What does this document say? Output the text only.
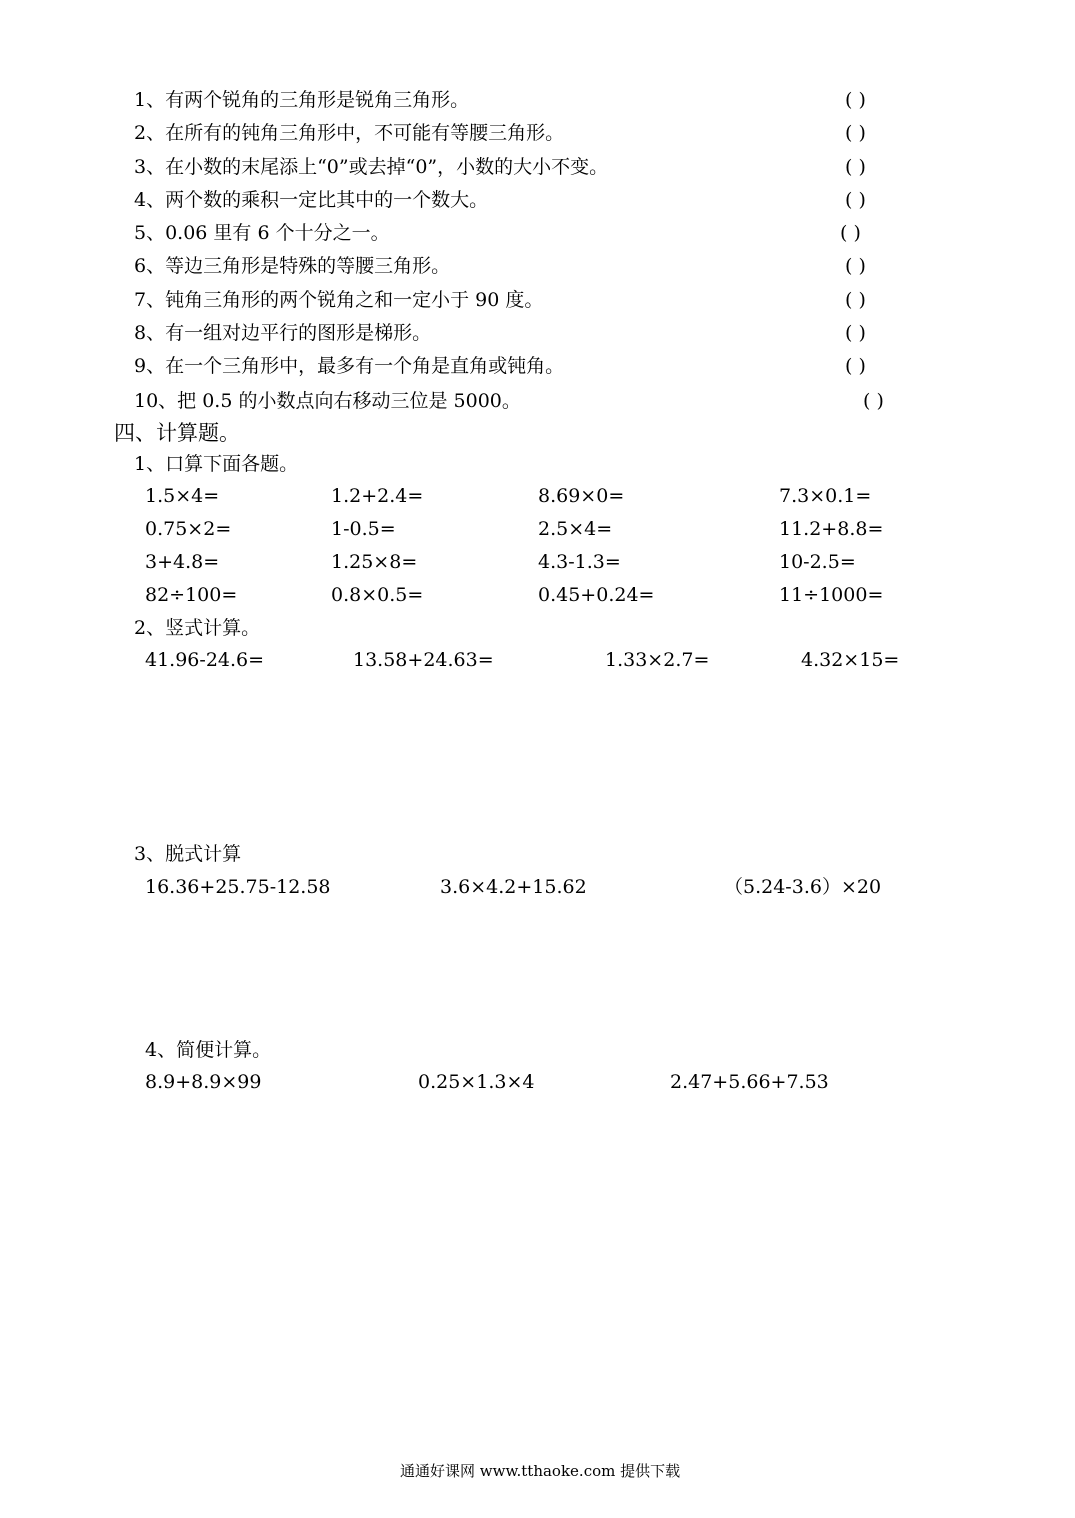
1、有两个锐角的三角形是锐角三角形。	( )
2、在所有的钝角三角形中，不可能有等腰三角形。	( )
3、在小数的末尾添上“0”或去掉“0”，小数的大小不变。	( )
4、两个数的乘积一定比其中的一个数大。	( )
5、0.06 里有 6 个十分之一。	( )
6、等边三角形是特殊的等腰三角形。	( )
7、钝角三角形的两个锐角之和一定小于 90 度。	( )
8、有一组对边平行的图形是梯形。	( )
9、在一个三角形中，最多有一个角是直角或钝角。	( )
10、把 0.5 的小数点向右移动三位是 5000。	( )
四、计算题。
1、口算下面各题。
1.5×4=	1.2+2.4=	8.69×0=	7.3×0.1=
0.75×2=	1-0.5=	2.5×4=	11.2+8.8=
3+4.8=	1.25×8=	4.3-1.3=	10-2.5=
82÷100=	0.8×0.5=	0.45+0.24=	11÷1000=
2、竖式计算。
41.96-24.6=	13.58+24.63=	1.33×2.7=	4.32×15=
3、脱式计算
16.36+25.75-12.58	3.6×4.2+15.62	（5.24-3.6）×20
4、简便计算。
8.9+8.9×99	0.25×1.3×4	2.47+5.66+7.53
通通好课网 www.tthaoke.com 提供下载
